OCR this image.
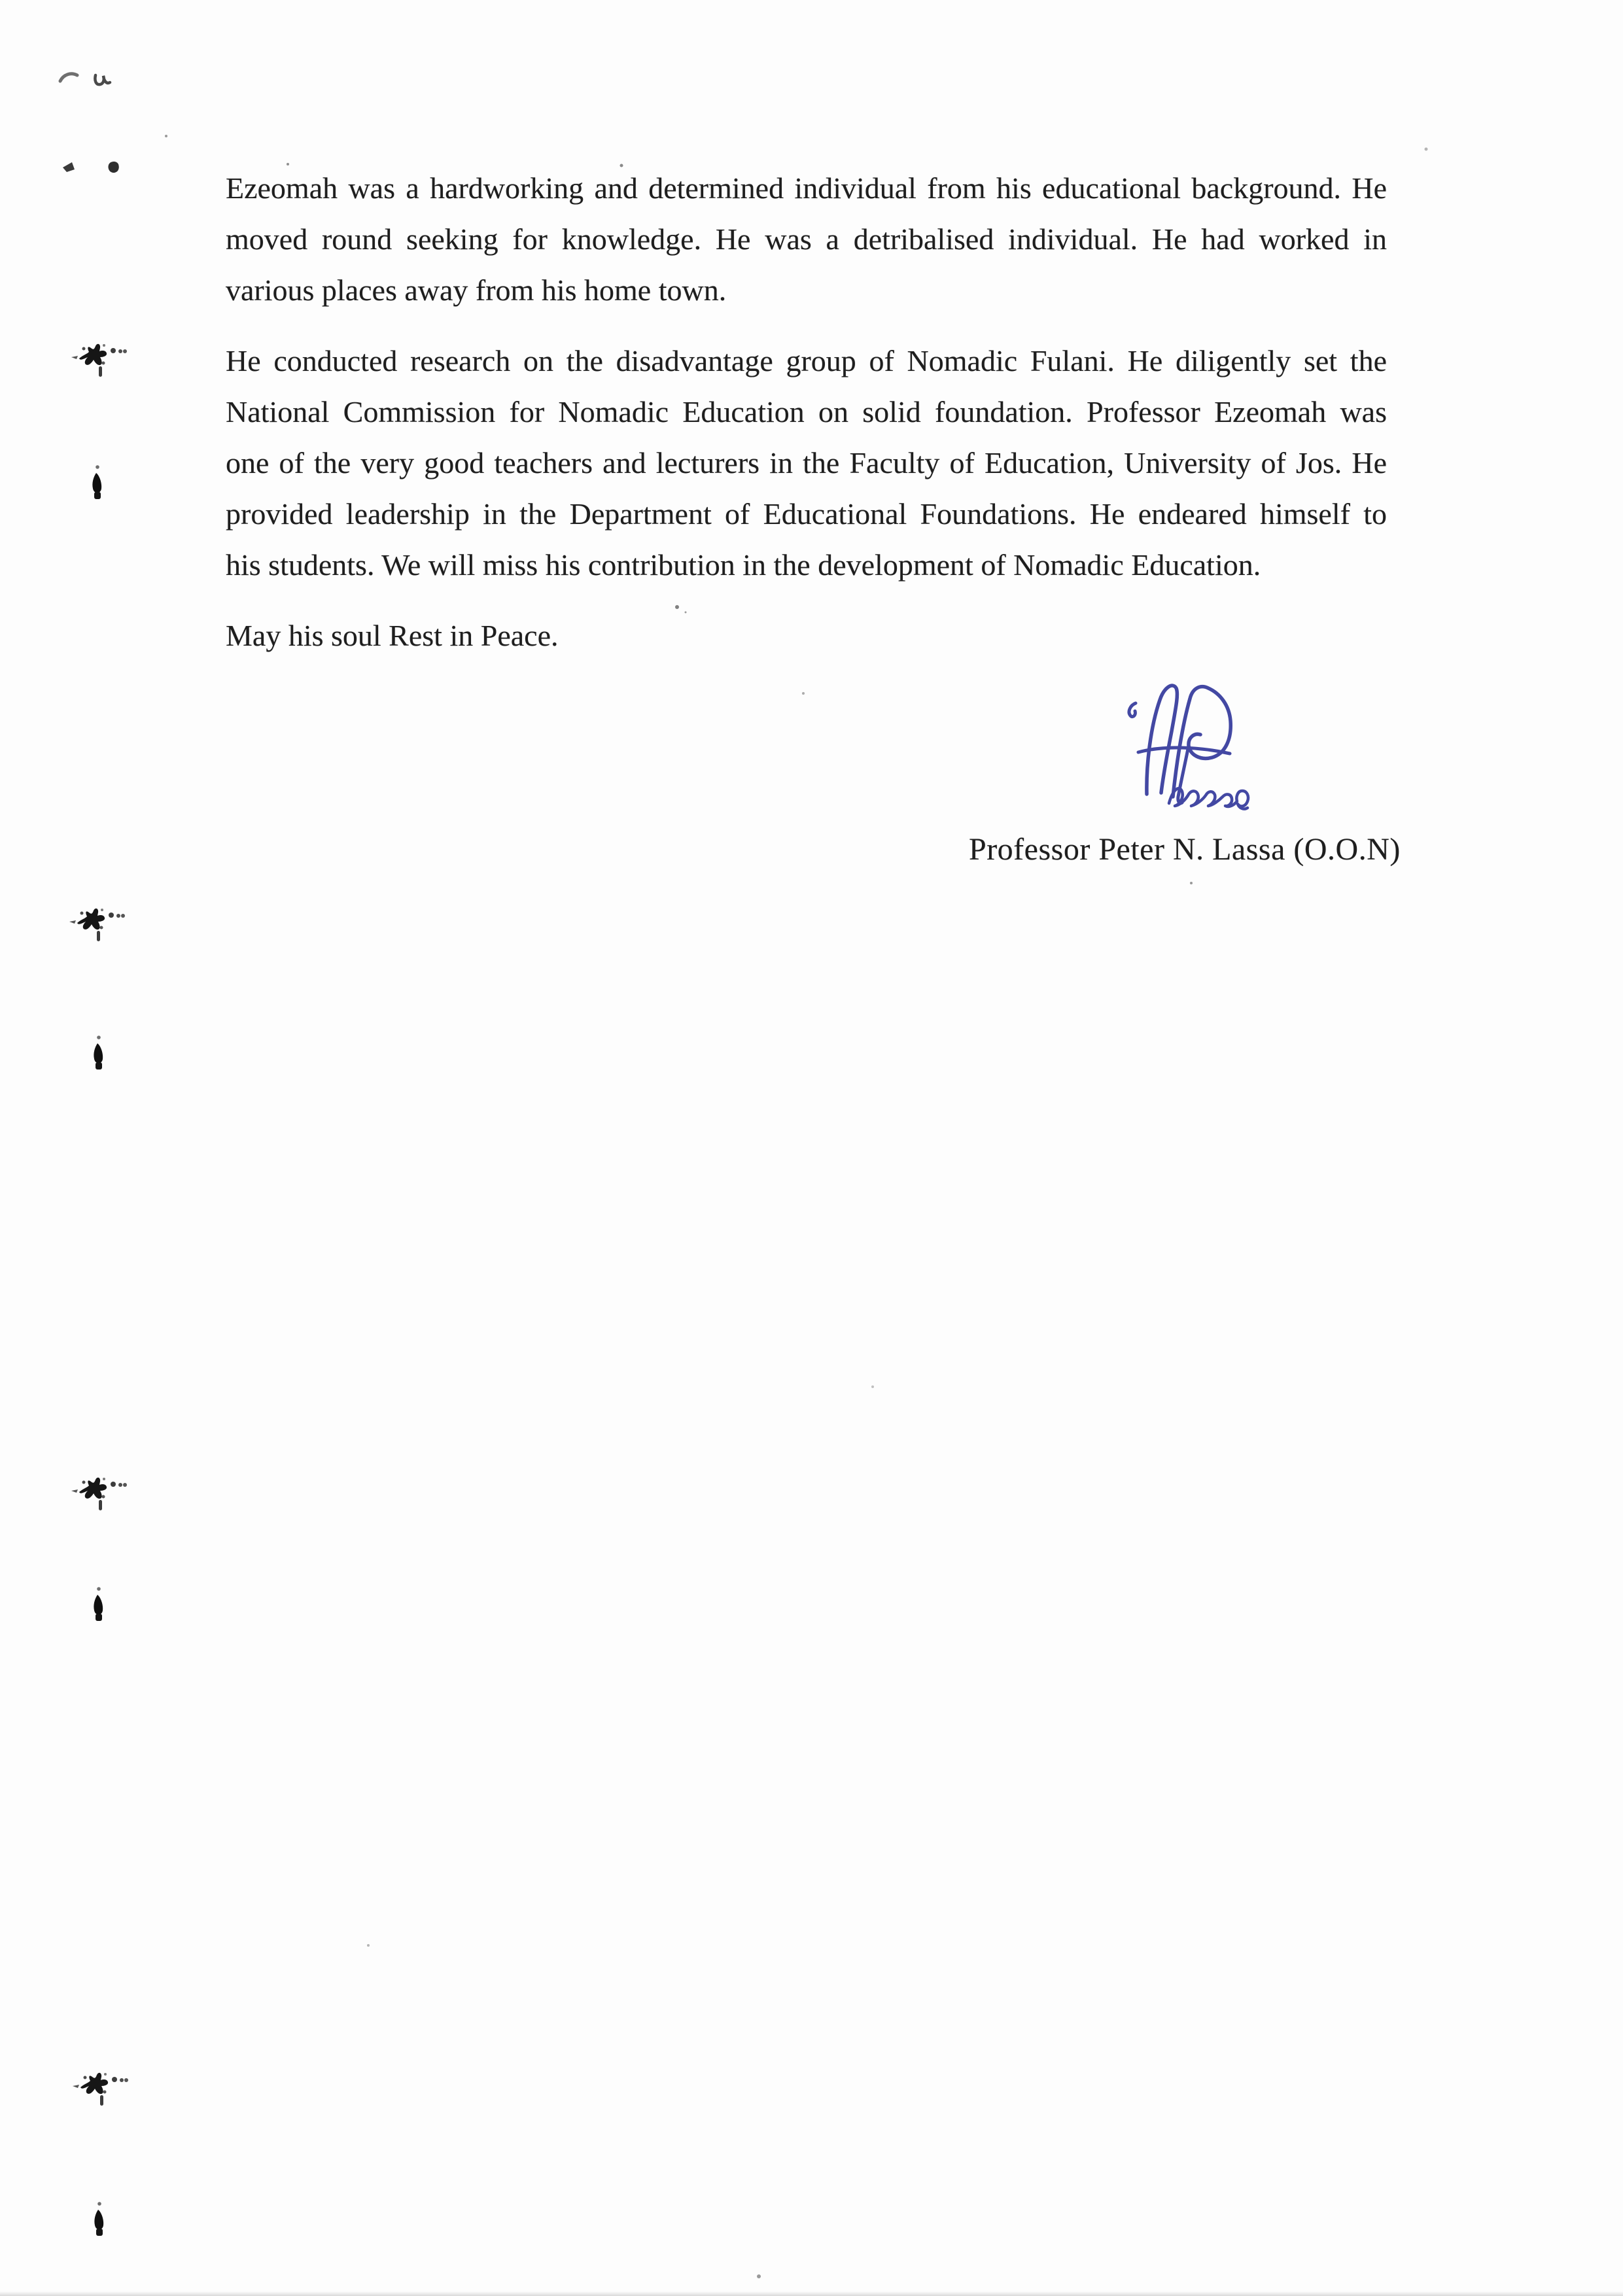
Ezeomah was a hardworking and determined individual from his educational background. He
moved round seeking for knowledge. He was a detribalised individual. He had worked in
various places away from his home town.
He conducted research on the disadvantage group of Nomadic Fulani. He diligently set the
National Commission for Nomadic Education on solid foundation. Professor Ezeomah was
one of the very good teachers and lecturers in the Faculty of Education, University of Jos. He
provided leadership in the Department of Educational Foundations. He endeared himself to
his students. We will miss his contribution in the development of Nomadic Education.
May his soul Rest in Peace.
Professor Peter N. Lassa (O.O.N)
